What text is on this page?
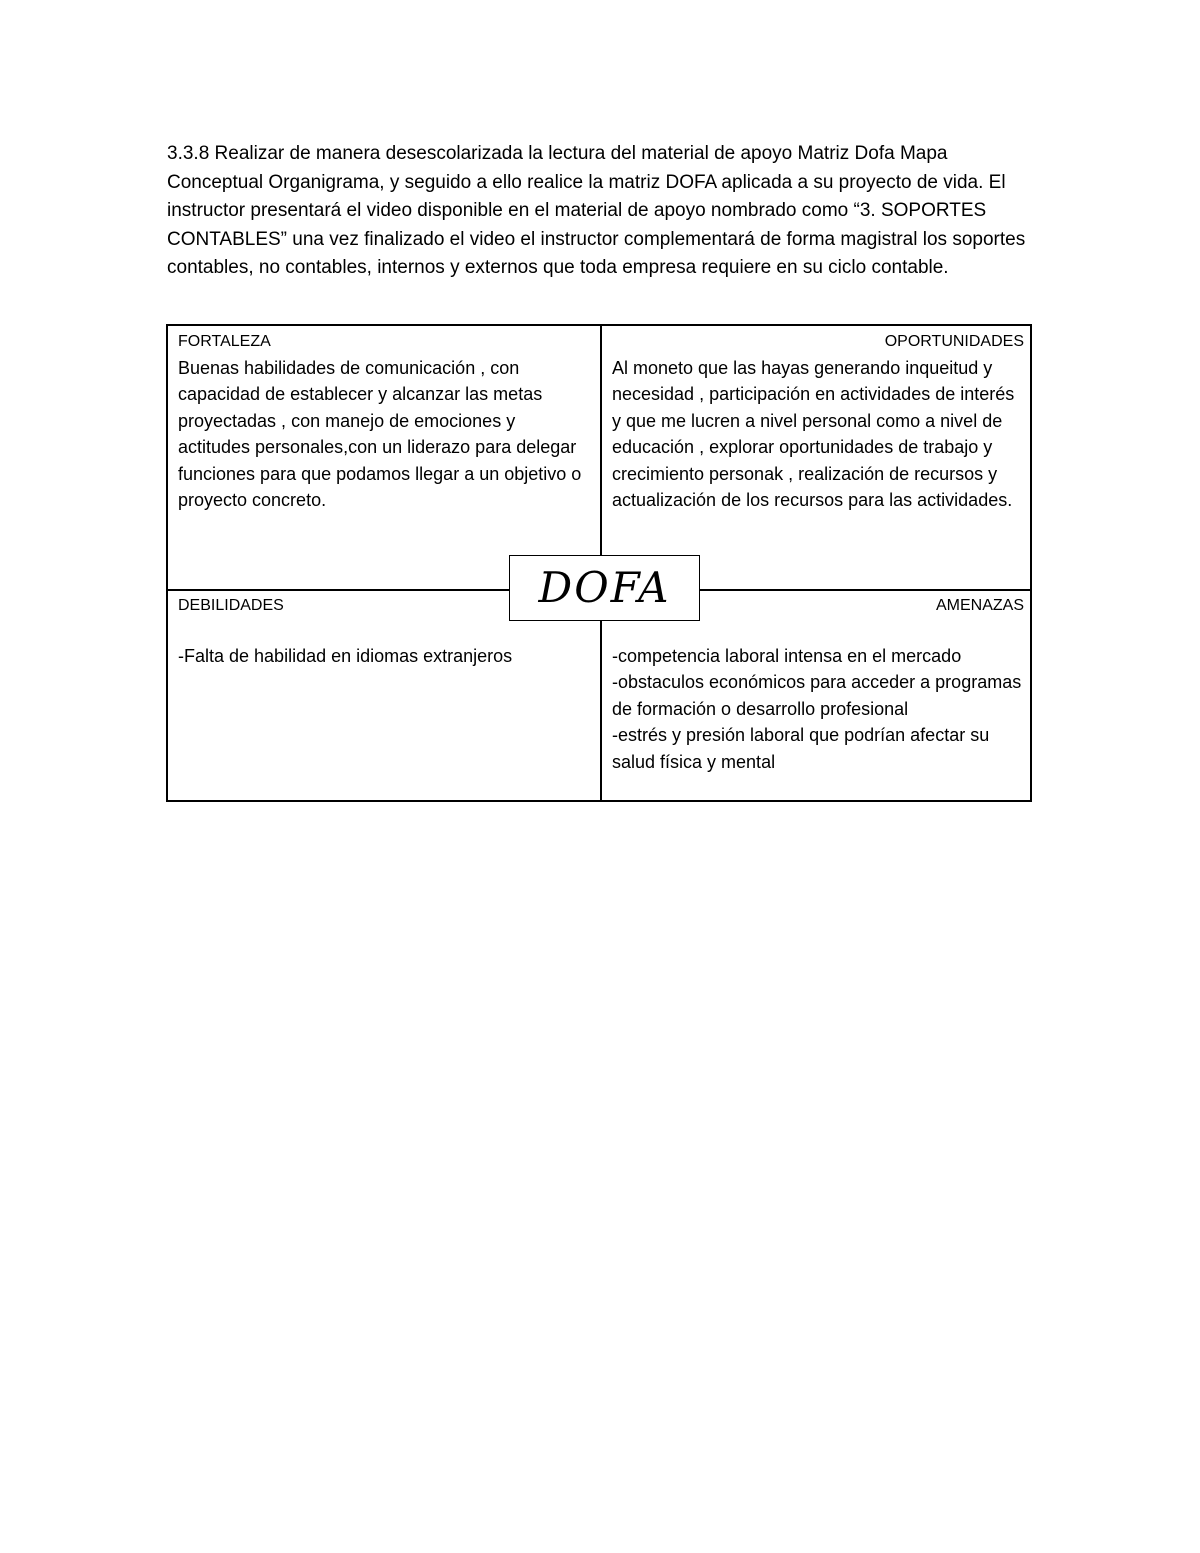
3.3.8 Realizar de manera desescolarizada la lectura del material de apoyo Matriz Dofa Mapa Conceptual Organigrama, y seguido a ello realice la matriz DOFA aplicada a su proyecto de vida. El instructor presentará el video disponible en el material de apoyo nombrado como “3. SOPORTES CONTABLES” una vez finalizado el video el instructor complementará de forma magistral los soportes contables, no contables, internos y externos que toda empresa requiere en su ciclo contable.

FORTALEZA
Buenas habilidades de comunicación , con capacidad de establecer y alcanzar las metas proyectadas , con manejo de emociones y actitudes personales,con un liderazo para delegar funciones para que podamos llegar a un objetivo o proyecto concreto.
OPORTUNIDADES
Al moneto que las hayas generando inqueitud y necesidad , participación en actividades de interés y que me lucren a nivel personal como a nivel de educación , explorar oportunidades de trabajo y crecimiento personak , realización de recursos y actualización de los recursos para las actividades.
DEBILIDADES
-Falta de habilidad en idiomas extranjeros
AMENAZAS
-competencia laboral intensa en el mercado
-obstaculos económicos para acceder a programas de formación o desarrollo profesional
-estrés y presión laboral que podrían afectar su salud física y mental
DOFA
